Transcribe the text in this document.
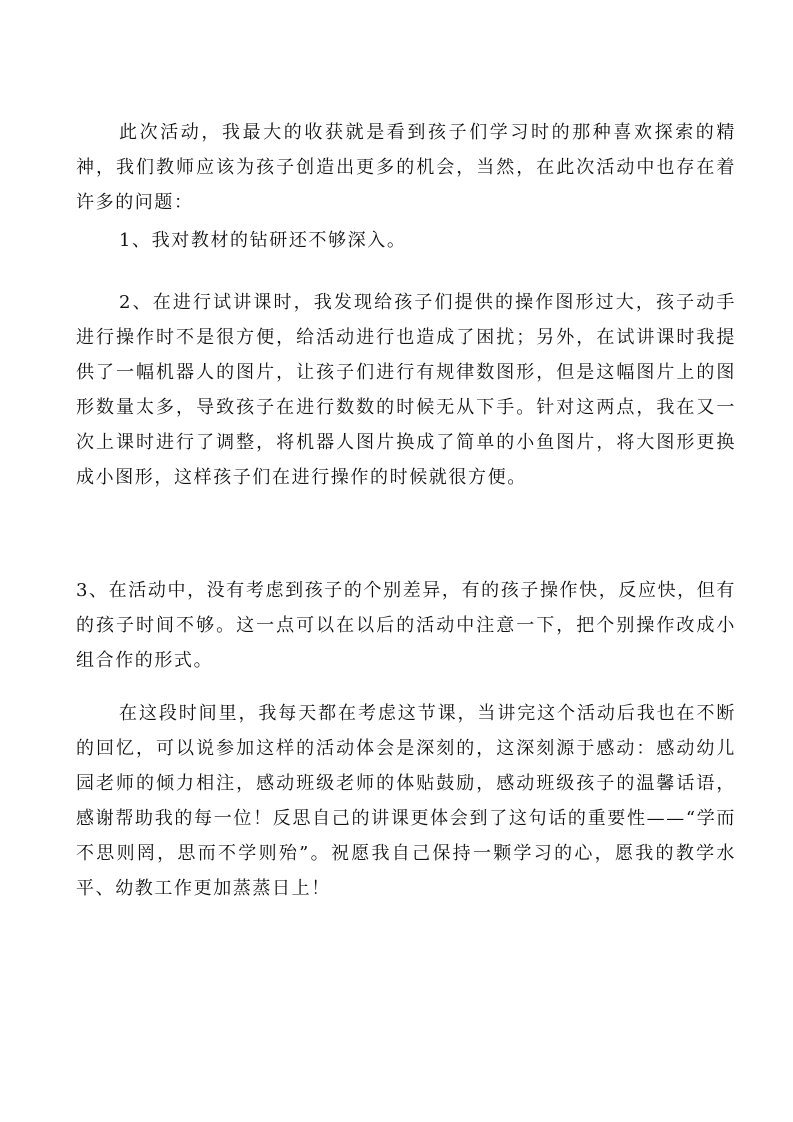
此次活动，我最大的收获就是看到孩子们学习时的那种喜欢探索的精神，我们教师应该为孩子创造出更多的机会，当然，在此次活动中也存在着许多的问题：

1、我对教材的钻研还不够深入。

2、在进行试讲课时，我发现给孩子们提供的操作图形过大，孩子动手进行操作时不是很方便，给活动进行也造成了困扰；另外，在试讲课时我提供了一幅机器人的图片，让孩子们进行有规律数图形，但是这幅图片上的图形数量太多，导致孩子在进行数数的时候无从下手。针对这两点，我在又一次上课时进行了调整，将机器人图片换成了简单的小鱼图片，将大图形更换成小图形，这样孩子们在进行操作的时候就很方便。

3、在活动中，没有考虑到孩子的个别差异，有的孩子操作快，反应快，但有的孩子时间不够。这一点可以在以后的活动中注意一下，把个别操作改成小组合作的形式。

在这段时间里，我每天都在考虑这节课，当讲完这个活动后我也在不断的回忆，可以说参加这样的活动体会是深刻的，这深刻源于感动：感动幼儿园老师的倾力相注，感动班级老师的体贴鼓励，感动班级孩子的温馨话语，感谢帮助我的每一位！反思自己的讲课更体会到了这句话的重要性——“学而不思则罔，思而不学则殆”。祝愿我自己保持一颗学习的心，愿我的教学水平、幼教工作更加蒸蒸日上！
